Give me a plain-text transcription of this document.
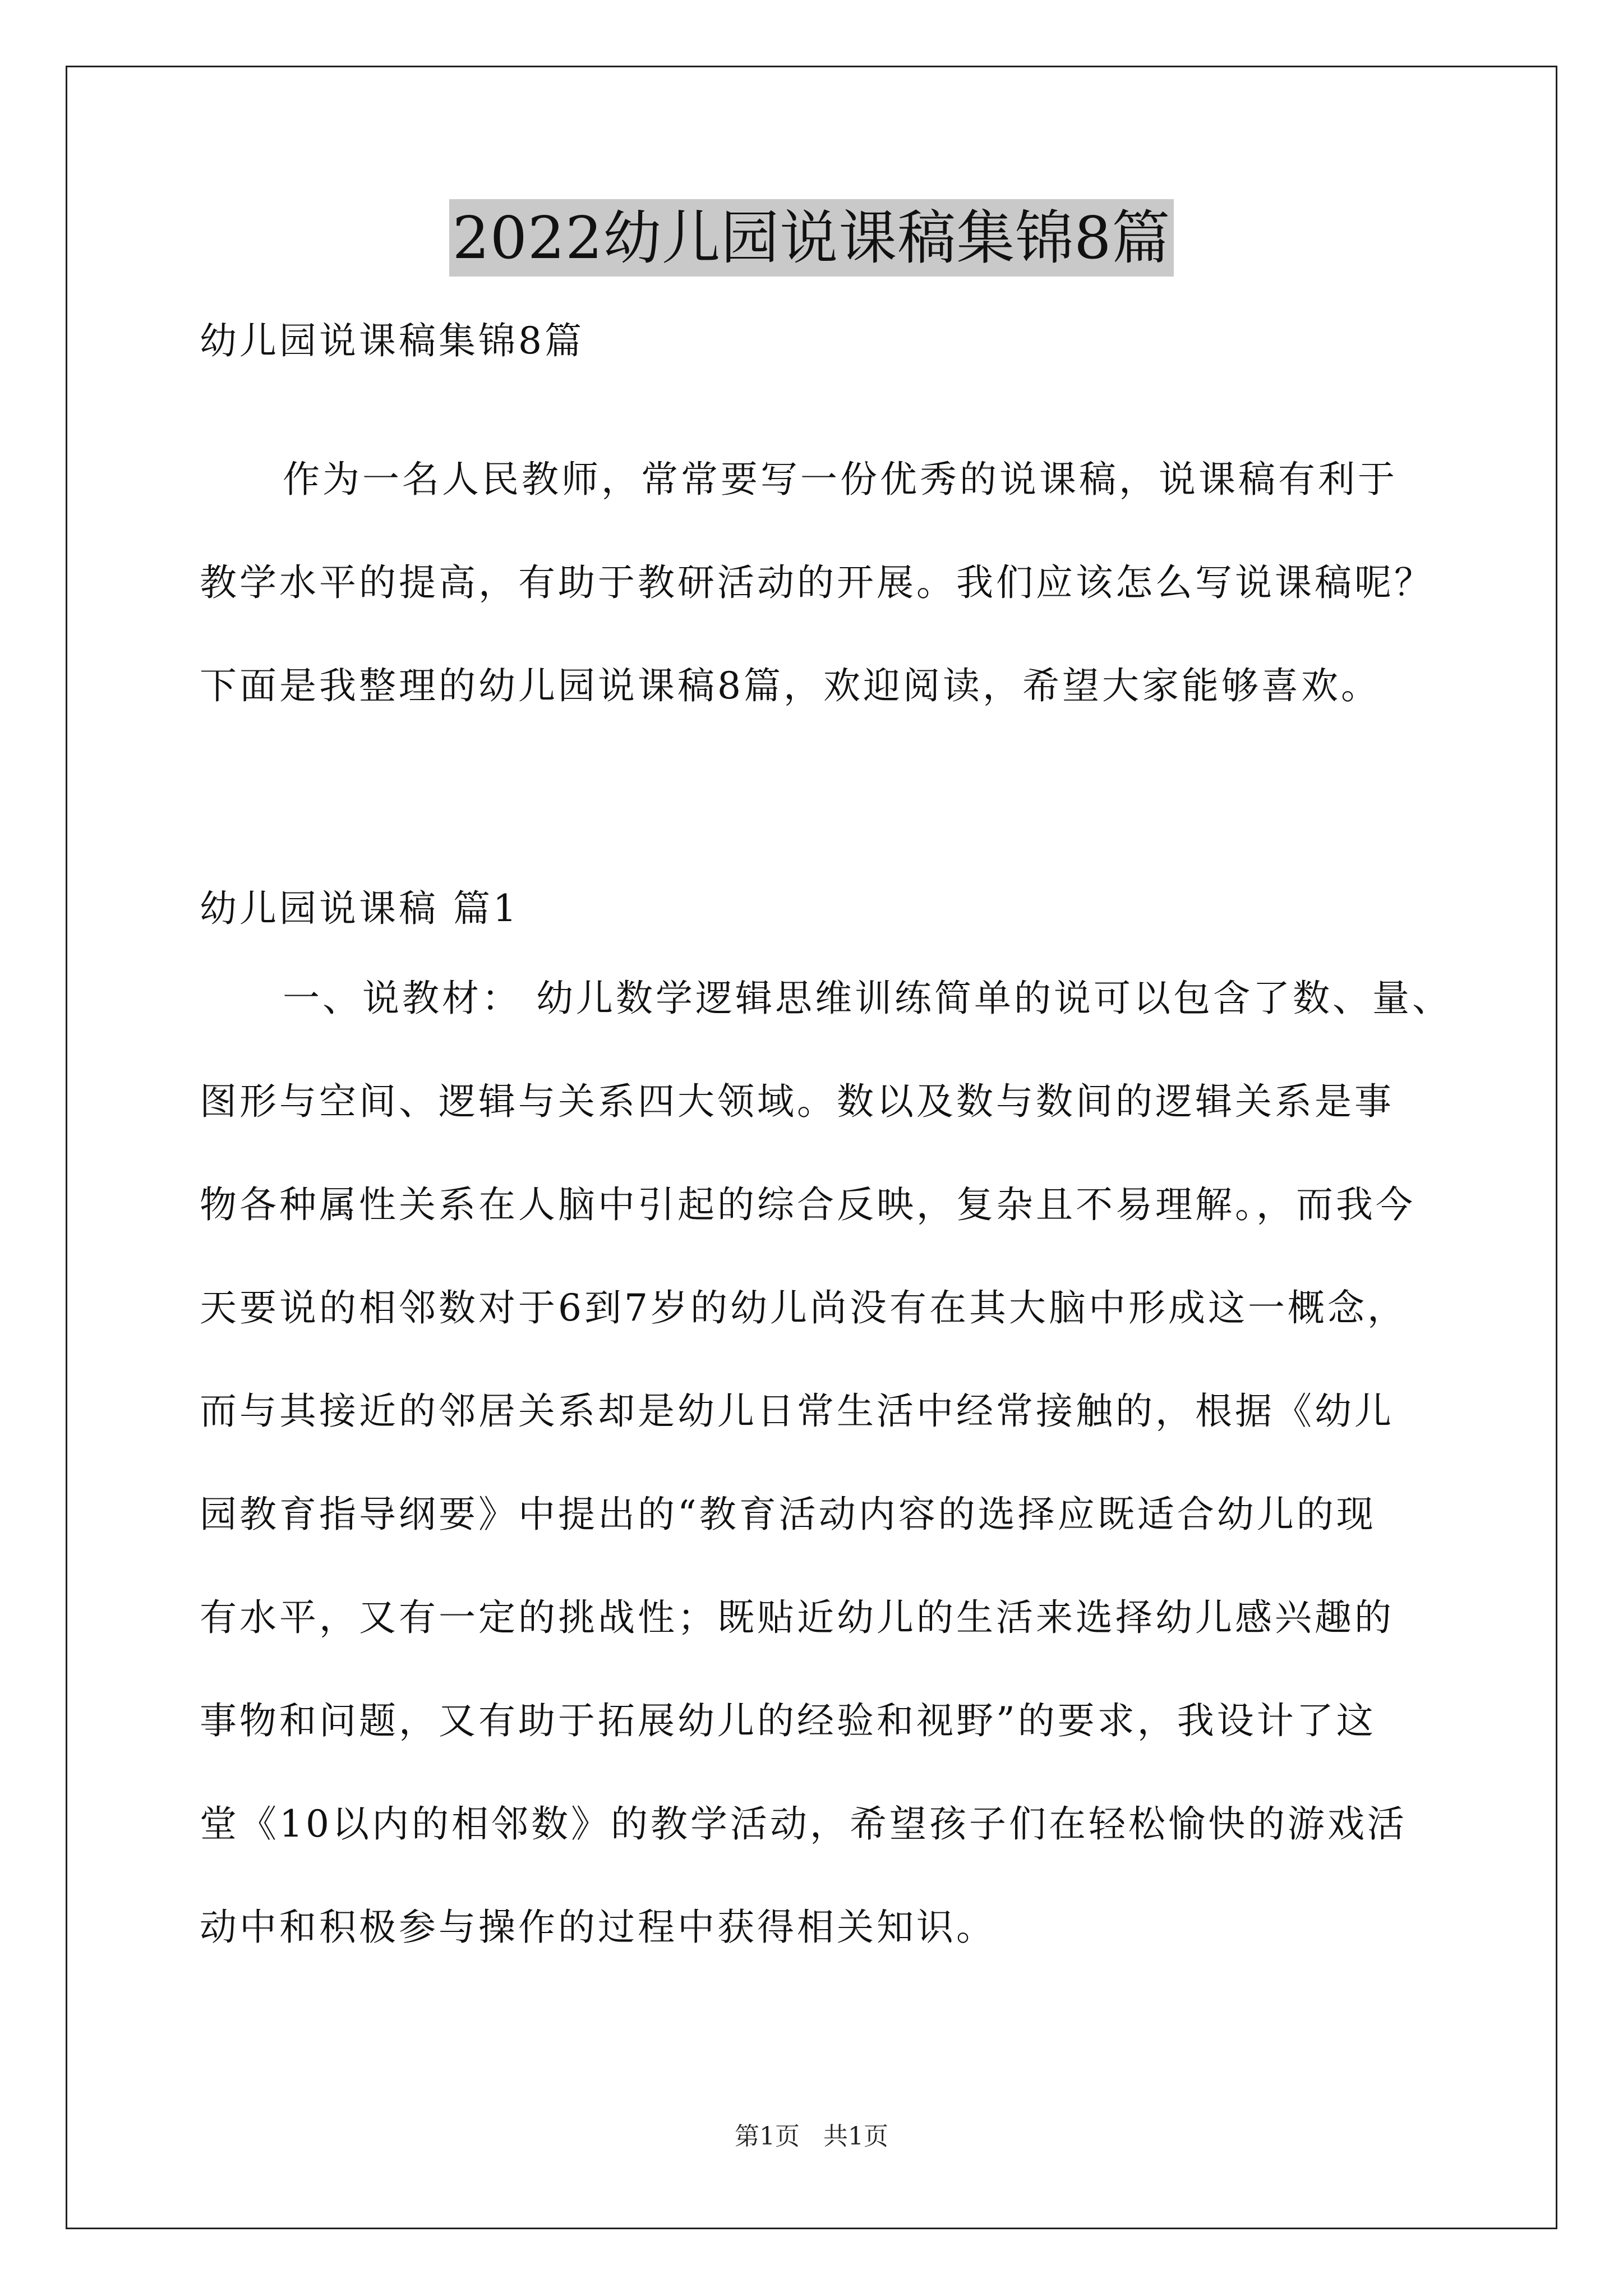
2022幼儿园说课稿集锦8篇
幼儿园说课稿集锦8篇
作为一名人民教师，常常要写一份优秀的说课稿，说课稿有利于
教学水平的提高，有助于教研活动的开展。我们应该怎么写说课稿呢？
下面是我整理的幼儿园说课稿8篇，欢迎阅读，希望大家能够喜欢。
幼儿园说课稿 篇1
一、说教材： 幼儿数学逻辑思维训练简单的说可以包含了数、量、
图形与空间、逻辑与关系四大领域。数以及数与数间的逻辑关系是事
物各种属性关系在人脑中引起的综合反映，复杂且不易理解。，而我今
天要说的相邻数对于6到7岁的幼儿尚没有在其大脑中形成这一概念，
而与其接近的邻居关系却是幼儿日常生活中经常接触的，根据《幼儿
园教育指导纲要》中提出的“教育活动内容的选择应既适合幼儿的现
有水平，又有一定的挑战性；既贴近幼儿的生活来选择幼儿感兴趣的
事物和问题，又有助于拓展幼儿的经验和视野”的要求，我设计了这
堂《10以内的相邻数》的教学活动，希望孩子们在轻松愉快的游戏活
动中和积极参与操作的过程中获得相关知识。
第1页   共1页
